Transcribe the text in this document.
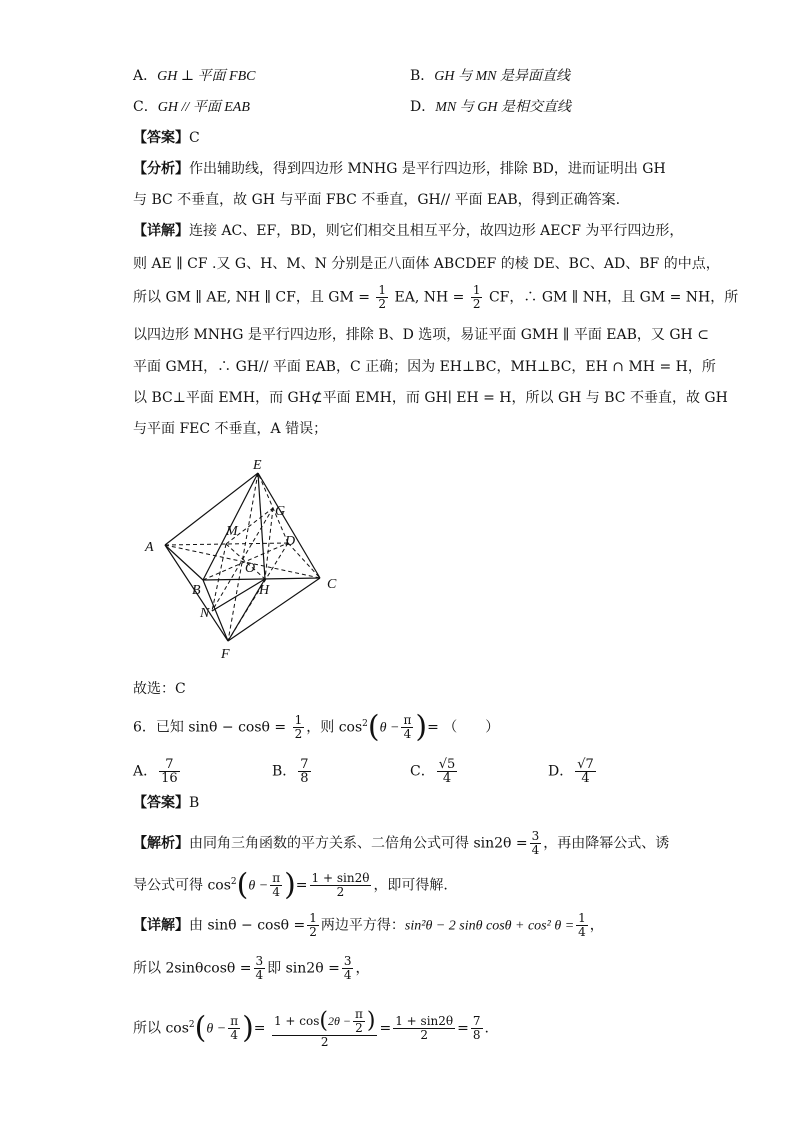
A．GH ⊥ 平面 FBC	B．GH 与 MN 是异面直线
C．GH // 平面 EAB	D．MN 与 GH 是相交直线
【答案】C
【分析】作出辅助线，得到四边形 MNHG 是平行四边形，排除 BD，进而证明出 GH
与 BC 不垂直，故 GH 与平面 FBC 不垂直，GH// 平面 EAB，得到正确答案.
【详解】连接 AC、EF，BD，则它们相交且相互平分，故四边形 AECF 为平行四边形，
则 AE ∥ CF .又 G、H、M、N 分别是正八面体 ABCDEF 的棱 DE、BC、AD、BF 的中点，
所以 GM ∥ AE, NH ∥ CF，且 GM = $\frac{1}{2}$ EA, NH = $\frac{1}{2}$ CF，∴ GM ∥ NH，且 GM = NH，所
以四边形 MNHG 是平行四边形，排除 B、D 选项，易证平面 GMH ∥ 平面 EAB，又 GH ⊂
平面 GMH，∴ GH// 平面 EAB，C 正确；因为 EH⊥BC，MH⊥BC，EH ∩ MH = H，所
以 BC⊥平面 EMH，而 GH⊄平面 EMH，而 GH∣ EH = H，所以 GH 与 BC 不垂直，故 GH
与平面 FEC 不垂直，A 错误；
E
G
M
D
A
O
C
B	H
N
F
故选：C
6．已知 $\sin\theta - \cos\theta = \frac{1}{2}$ ，则 $\cos^2(\theta - \frac{\pi}{4}$ )= （　　）
A． $\frac{7}{16}$	B． $\frac{7}{8}$	C． $\frac{√5}{4}$	D． $\frac{√7}{4}$
【答案】B
【解析】由同角三角函数的平方关系、二倍角公式可得 $\sin 2\theta = \frac{3}{4}$ ，再由降幂公式、诱
导公式可得 $\cos^2(\theta - \frac{\pi}{4}$ )= $\frac{1 + \sin 2\theta}{2}$ ，即可得解.
【详解】由 $\sin\theta - \cos\theta = \frac{1}{2}$ 两边平方得：sin²θ − 2 sinθ cosθ + cos² $\theta = \frac{1}{4}$ ，
所以 $2\sin\theta\cos\theta = \frac{3}{4}$ 即 $\sin 2\theta = \frac{3}{4}$ ，
所以 $\cos^2(\theta - \frac{\pi}{4}$ )= $\frac{1 + \cos(2\theta - \frac{\pi}{2} )}{2} = \frac{1 + \sin 2\theta}{2} = \frac{7}{8}$ .
